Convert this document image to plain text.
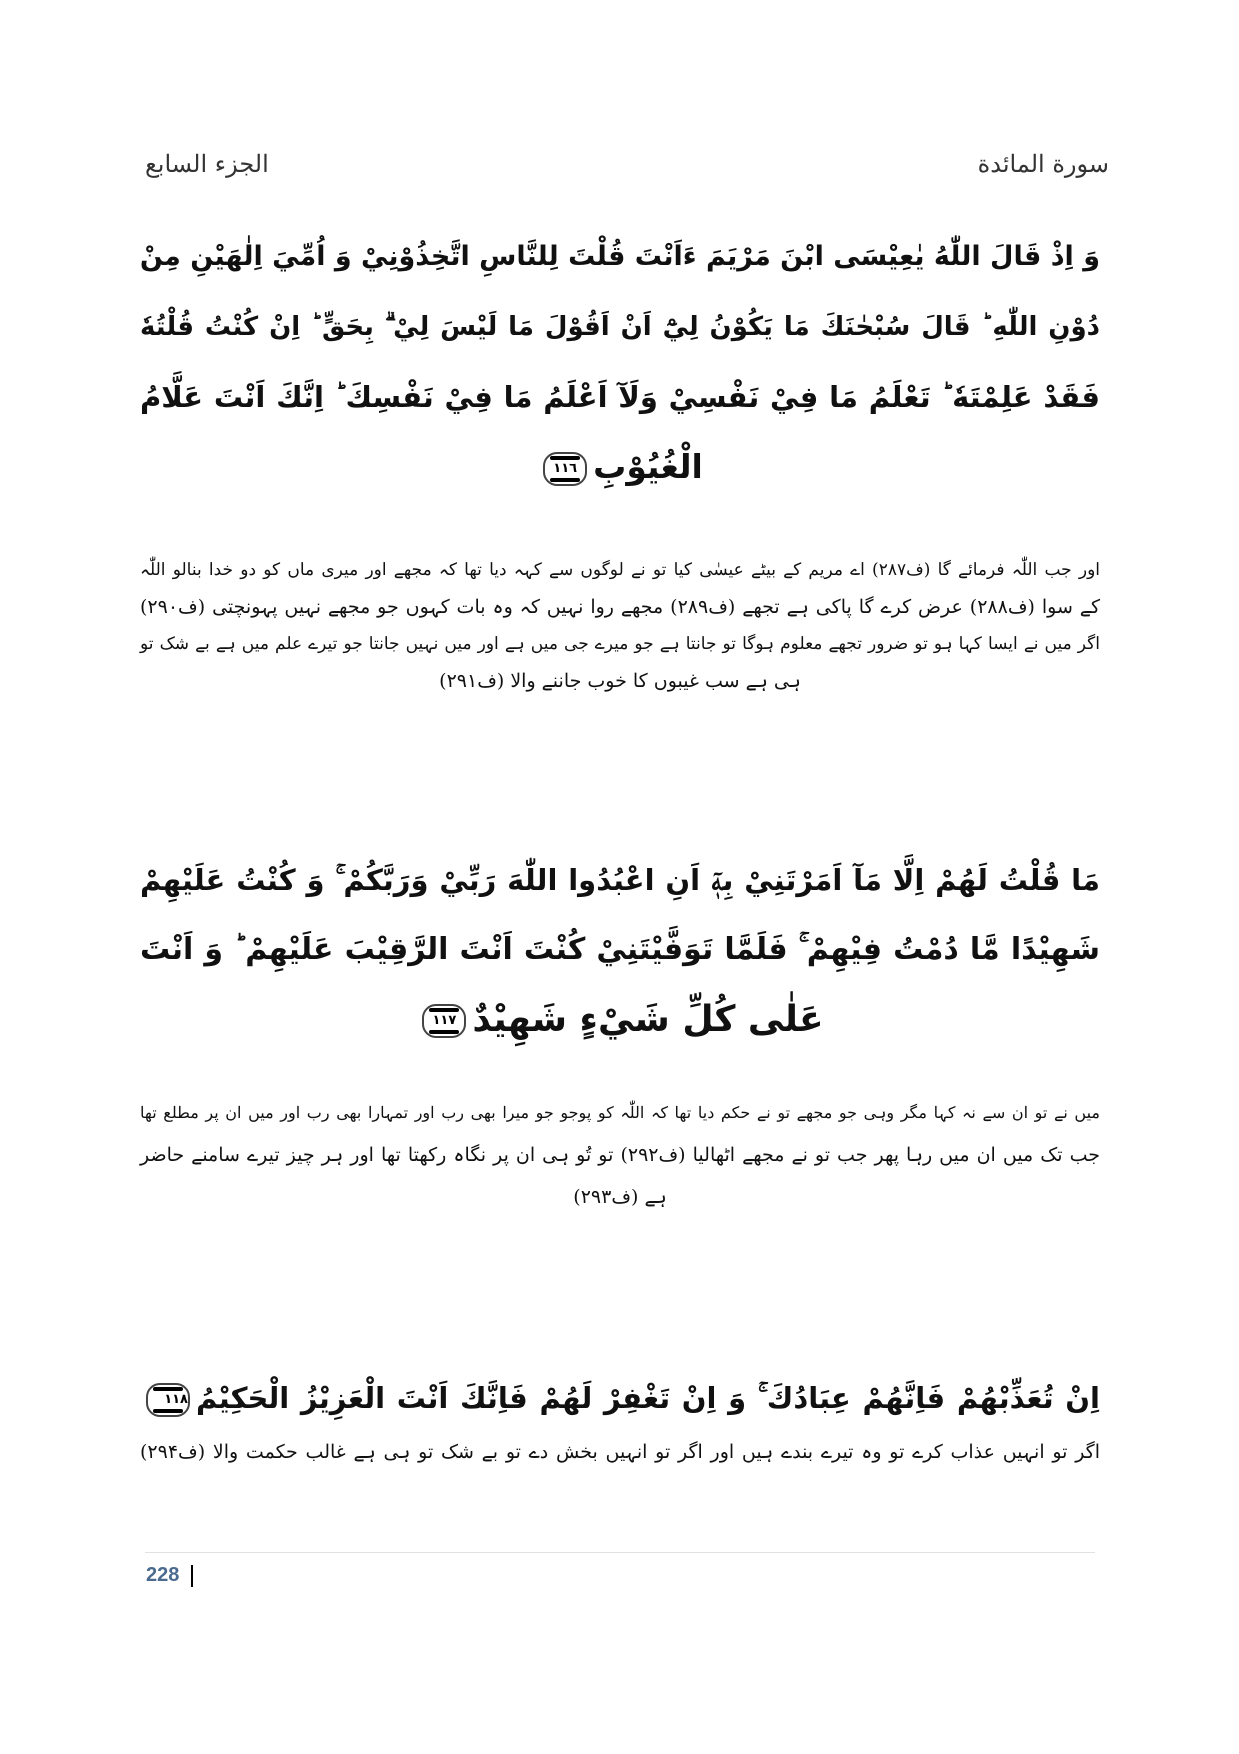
الجزء السابع	سورة المائدة
وَ اِذْ قَالَ اللّٰهُ يٰعِيْسَى ابْنَ مَرْيَمَ ءَاَنْتَ قُلْتَ لِلنَّاسِ اتَّخِذُوْنِيْ وَ اُمِّيَ اِلٰهَيْنِ مِنْ
دُوْنِ اللّٰهِ ؕ قَالَ سُبْحٰنَكَ مَا يَكُوْنُ لِيْٓ اَنْ اَقُوْلَ مَا لَيْسَ لِيْ ۗ بِحَقٍّ ؕ اِنْ كُنْتُ قُلْتُهٗ
فَقَدْ عَلِمْتَهٗ ؕ تَعْلَمُ مَا فِيْ نَفْسِيْ وَلَآ اَعْلَمُ مَا فِيْ نَفْسِكَ ؕ اِنَّكَ اَنْتَ عَلَّامُ
الْغُيُوْبِ١١٦
اور جب اللّٰہ فرمائے گا (ف۲۸۷) اے مریم کے بیٹے عیسٰی کیا تو نے لوگوں سے کہہ دیا تھا کہ مجھے اور میری ماں کو دو خدا بنالو اللّٰہ
کے سوا (ف۲۸۸) عرض کرے گا پاکی ہے تجھے (ف۲۸۹) مجھے روا نہیں کہ وہ بات کہوں جو مجھے نہیں پہونچتی (ف۲۹۰)
اگر میں نے ایسا کہا ہو تو ضرور تجھے معلوم ہوگا تو جانتا ہے جو میرے جی میں ہے اور میں نہیں جانتا جو تیرے علم میں ہے بے شک تو
ہی ہے سب غیبوں کا خوب جاننے والا (ف۲۹۱)
مَا قُلْتُ لَهُمْ اِلَّا مَآ اَمَرْتَنِيْ بِهٖٓ اَنِ اعْبُدُوا اللّٰهَ رَبِّيْ وَرَبَّكُمْ ۚ وَ كُنْتُ عَلَيْهِمْ
شَهِيْدًا مَّا دُمْتُ فِيْهِمْ ۚ فَلَمَّا تَوَفَّيْتَنِيْ كُنْتَ اَنْتَ الرَّقِيْبَ عَلَيْهِمْ ؕ وَ اَنْتَ
عَلٰى كُلِّ شَيْءٍ شَهِيْدٌ١١٧
میں نے تو ان سے نہ کہا مگر وہی جو مجھے تو نے حکم دیا تھا کہ اللّٰہ کو پوجو جو میرا بھی رب اور تمہارا بھی رب اور میں ان پر مطلع تھا
جب تک میں ان میں رہا پھر جب تو نے مجھے اٹھالیا (ف۲۹۲) تو تُو ہی ان پر نگاہ رکھتا تھا اور ہر چیز تیرے سامنے حاضر
ہے (ف۲۹۳)
اِنْ تُعَذِّبْهُمْ فَاِنَّهُمْ عِبَادُكَ ۚ وَ اِنْ تَغْفِرْ لَهُمْ فَاِنَّكَ اَنْتَ الْعَزِيْزُ الْحَكِيْمُ١١٨
اگر تو انہیں عذاب کرے تو وہ تیرے بندے ہیں اور اگر تو انہیں بخش دے تو بے شک تو ہی ہے غالب حکمت والا (ف۲۹۴)
228
